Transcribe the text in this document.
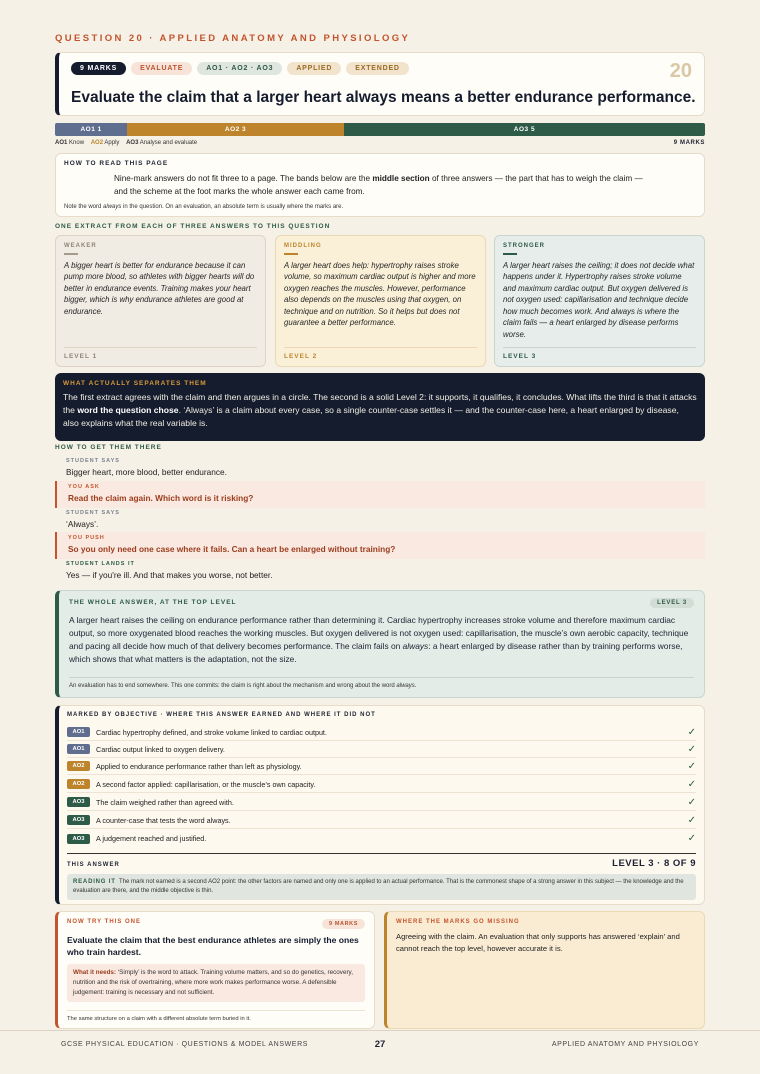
QUESTION 20 · APPLIED ANATOMY AND PHYSIOLOGY
9 MARKS	EVALUATE	AO1 · AO2 · AO3	APPLIED	EXTENDED	20
Evaluate the claim that a larger heart always means a better endurance performance.
AO1 1	AO2 3	AO3 5
AO1 Know AO2 Apply AO3 Analyse and evaluate	9 MARKS
HOW TO READ THIS PAGE
Nine-mark answers do not fit three to a page. The bands below are the middle section of three answers — the part that has to weigh the claim — and the scheme at the foot marks the whole answer each came from.
Note the word always in the question. On an evaluation, an absolute term is usually where the marks are.
ONE EXTRACT FROM EACH OF THREE ANSWERS TO THIS QUESTION
WEAKER
A bigger heart is better for endurance because it can pump more blood, so athletes with bigger hearts will do better in endurance events. Training makes your heart bigger, which is why endurance athletes are good at endurance.
LEVEL 1
MIDDLING
A larger heart does help: hypertrophy raises stroke volume, so maximum cardiac output is higher and more oxygen reaches the muscles. However, performance also depends on the muscles using that oxygen, on technique and on nutrition. So it helps but does not guarantee a better performance.
LEVEL 2
STRONGER
A larger heart raises the ceiling; it does not decide what happens under it. Hypertrophy raises stroke volume and maximum cardiac output. But oxygen delivered is not oxygen used: capillarisation and technique decide how much becomes work. And always is where the claim fails — a heart enlarged by disease performs worse.
LEVEL 3
WHAT ACTUALLY SEPARATES THEM
The first extract agrees with the claim and then argues in a circle. The second is a solid Level 2: it supports, it qualifies, it concludes. What lifts the third is that it attacks the word the question chose. ‘Always’ is a claim about every case, so a single counter-case settles it — and the counter-case here, a heart enlarged by disease, also explains what the real variable is.
HOW TO GET THEM THERE
STUDENT SAYS
Bigger heart, more blood, better endurance.
YOU ASK
Read the claim again. Which word is it risking?
STUDENT SAYS
‘Always’.
YOU PUSH
So you only need one case where it fails. Can a heart be enlarged without training?
STUDENT LANDS IT
Yes — if you're ill. And that makes you worse, not better.
THE WHOLE ANSWER, AT THE TOP LEVEL	LEVEL 3
A larger heart raises the ceiling on endurance performance rather than determining it. Cardiac hypertrophy increases stroke volume and therefore maximum cardiac output, so more oxygenated blood reaches the working muscles. But oxygen delivered is not oxygen used: capillarisation, the muscle’s own aerobic capacity, technique and pacing all decide how much of that delivery becomes performance. The claim fails on always: a heart enlarged by disease rather than by training performs worse, which shows that what matters is the adaptation, not the size.
An evaluation has to end somewhere. This one commits: the claim is right about the mechanism and wrong about the word always.
MARKED BY OBJECTIVE · WHERE THIS ANSWER EARNED AND WHERE IT DID NOT
AO1	Cardiac hypertrophy defined, and stroke volume linked to cardiac output.	✓
AO1	Cardiac output linked to oxygen delivery.	✓
AO2	Applied to endurance performance rather than left as physiology.	✓
AO2	A second factor applied: capillarisation, or the muscle’s own capacity.	✓
AO3	The claim weighed rather than agreed with.	✓
AO3	A counter-case that tests the word always.	✓
AO3	A judgement reached and justified.	✓
THIS ANSWER	LEVEL 3 · 8 OF 9
READING IT The mark not earned is a second AO2 point: the other factors are named and only one is applied to an actual performance. That is the commonest shape of a strong answer in this subject — the knowledge and the evaluation are there, and the middle objective is thin.
NOW TRY THIS ONE	9 MARKS
Evaluate the claim that the best endurance athletes are simply the ones who train hardest.
What it needs: ‘Simply’ is the word to attack. Training volume matters, and so do genetics, recovery, nutrition and the risk of overtraining, where more work makes performance worse. A defensible judgement: training is necessary and not sufficient.
The same structure on a claim with a different absolute term buried in it.
WHERE THE MARKS GO MISSING
Agreeing with the claim. An evaluation that only supports has answered ‘explain’ and cannot reach the top level, however accurate it is.
GCSE PHYSICAL EDUCATION · QUESTIONS & MODEL ANSWERS	27	APPLIED ANATOMY AND PHYSIOLOGY
